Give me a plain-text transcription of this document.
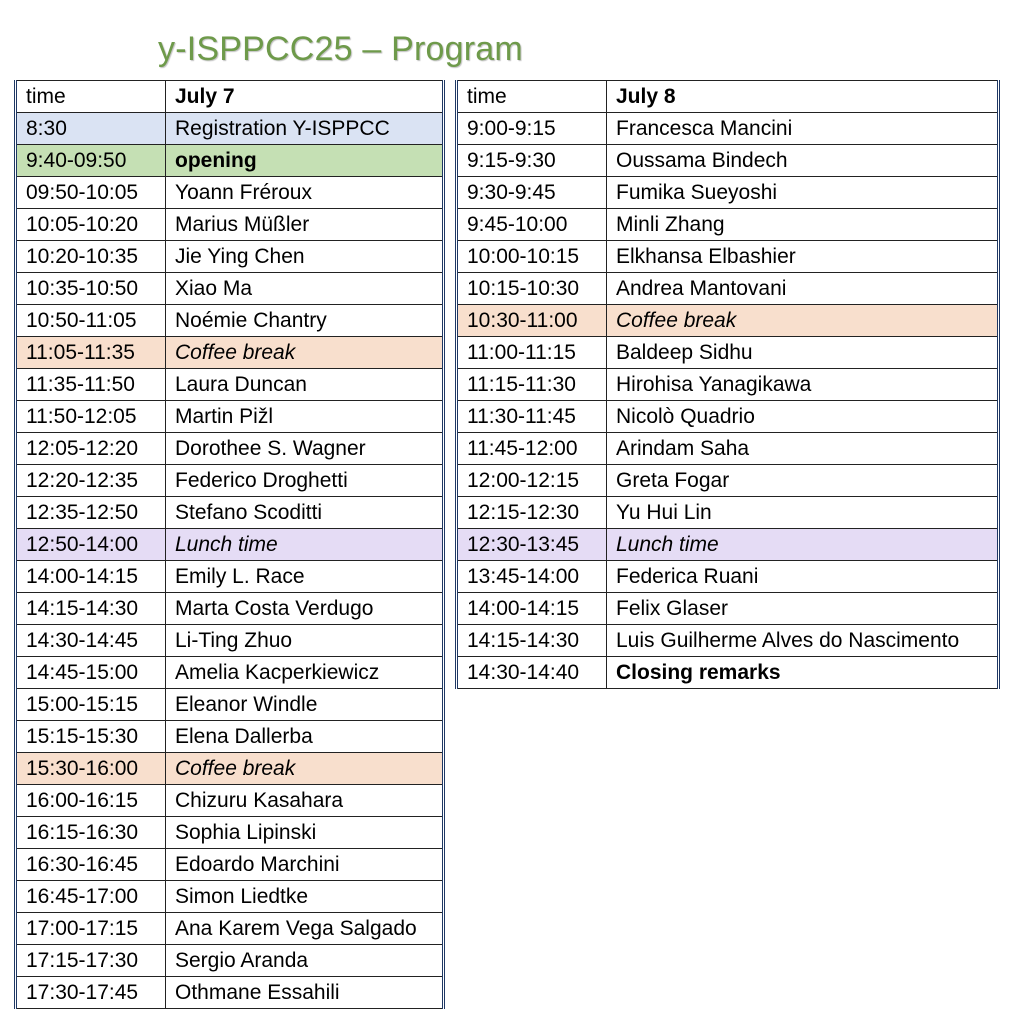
y-ISPPCC25 – Program
time	July 7
8:30	Registration Y-ISPPCC
9:40-09:50	opening
09:50-10:05	Yoann Fréroux
10:05-10:20	Marius Müßler
10:20-10:35	Jie Ying Chen
10:35-10:50	Xiao Ma
10:50-11:05	Noémie Chantry
11:05-11:35	Coffee break
11:35-11:50	Laura Duncan
11:50-12:05	Martin Pižl
12:05-12:20	Dorothee S. Wagner
12:20-12:35	Federico Droghetti
12:35-12:50	Stefano Scoditti
12:50-14:00	Lunch time
14:00-14:15	Emily L. Race
14:15-14:30	Marta Costa Verdugo
14:30-14:45	Li-Ting Zhuo
14:45-15:00	Amelia Kacperkiewicz
15:00-15:15	Eleanor Windle
15:15-15:30	Elena Dallerba
15:30-16:00	Coffee break
16:00-16:15	Chizuru Kasahara
16:15-16:30	Sophia Lipinski
16:30-16:45	Edoardo Marchini
16:45-17:00	Simon Liedtke
17:00-17:15	Ana Karem Vega Salgado
17:15-17:30	Sergio Aranda
17:30-17:45	Othmane Essahili
time	July 8
9:00-9:15	Francesca Mancini
9:15-9:30	Oussama Bindech
9:30-9:45	Fumika Sueyoshi
9:45-10:00	Minli Zhang
10:00-10:15	Elkhansa Elbashier
10:15-10:30	Andrea Mantovani
10:30-11:00	Coffee break
11:00-11:15	Baldeep Sidhu
11:15-11:30	Hirohisa Yanagikawa
11:30-11:45	Nicolò Quadrio
11:45-12:00	Arindam Saha
12:00-12:15	Greta Fogar
12:15-12:30	Yu Hui Lin
12:30-13:45	Lunch time
13:45-14:00	Federica Ruani
14:00-14:15	Felix Glaser
14:15-14:30	Luis Guilherme Alves do Nascimento
14:30-14:40	Closing remarks
